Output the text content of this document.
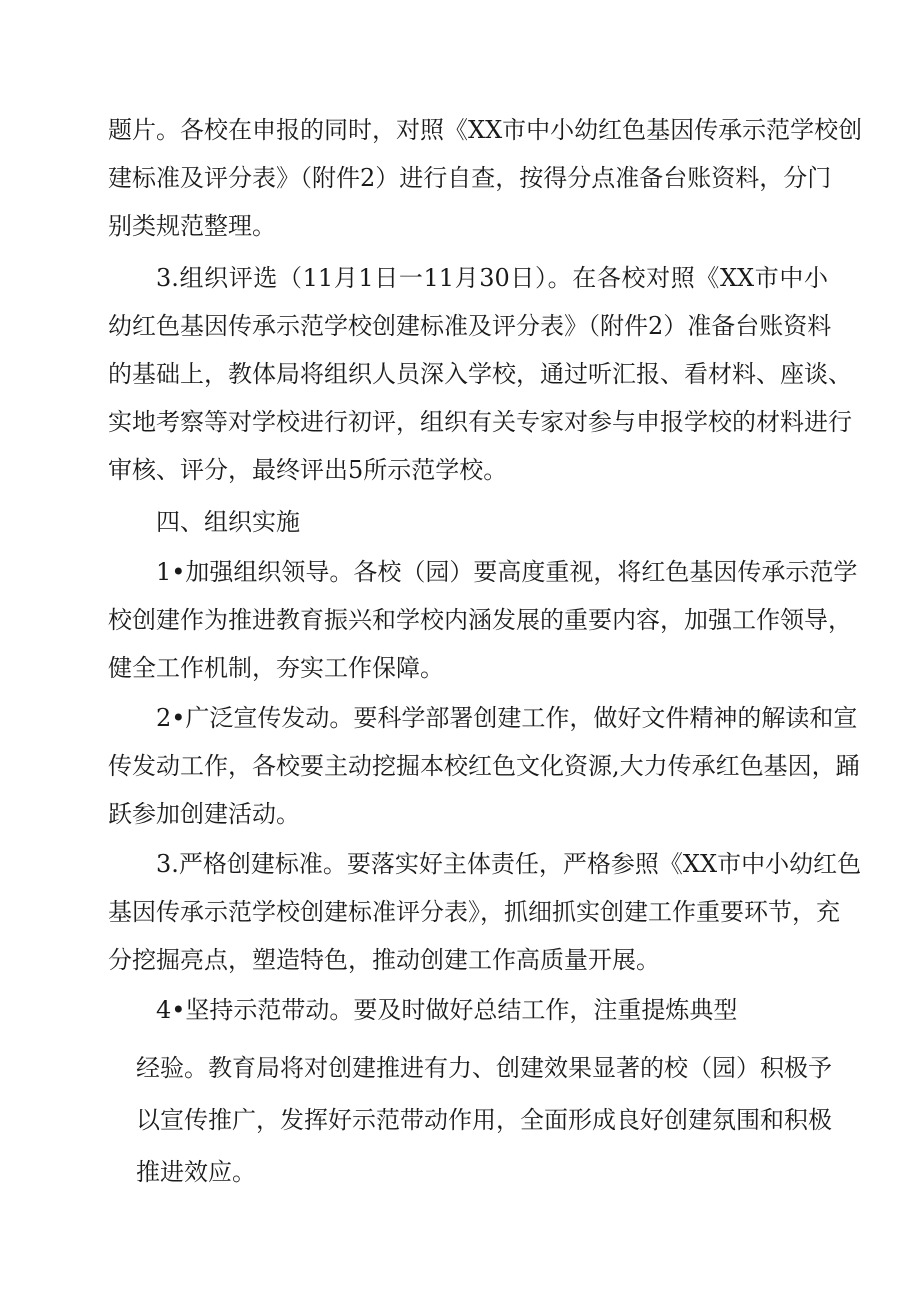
题片。各校在申报的同时，对照《XX市中小幼红色基因传承示范学校创
建标准及评分表》（附件2）进行自查，按得分点准备台账资料，分门
别类规范整理。
3.组织评选（11月1日一11月30日）。在各校对照《XX市中小
幼红色基因传承示范学校创建标准及评分表》（附件2）准备台账资料
的基础上，教体局将组织人员深入学校，通过听汇报、看材料、座谈、
实地考察等对学校进行初评，组织有关专家对参与申报学校的材料进行
审核、评分，最终评出5所示范学校。
四、组织实施
1•加强组织领导。各校（园）要高度重视，将红色基因传承示范学
校创建作为推进教育振兴和学校内涵发展的重要内容，加强工作领导，
健全工作机制，夯实工作保障。
2•广泛宣传发动。要科学部署创建工作，做好文件精神的解读和宣
传发动工作，各校要主动挖掘本校红色文化资源,大力传承红色基因，踊
跃参加创建活动。
3.严格创建标准。要落实好主体责任，严格参照《XX市中小幼红色
基因传承示范学校创建标准评分表》，抓细抓实创建工作重要环节，充
分挖掘亮点，塑造特色，推动创建工作高质量开展。
4•坚持示范带动。要及时做好总结工作，注重提炼典型
经验。教育局将对创建推进有力、创建效果显著的校（园）积极予
以宣传推广，发挥好示范带动作用，全面形成良好创建氛围和积极
推进效应。
